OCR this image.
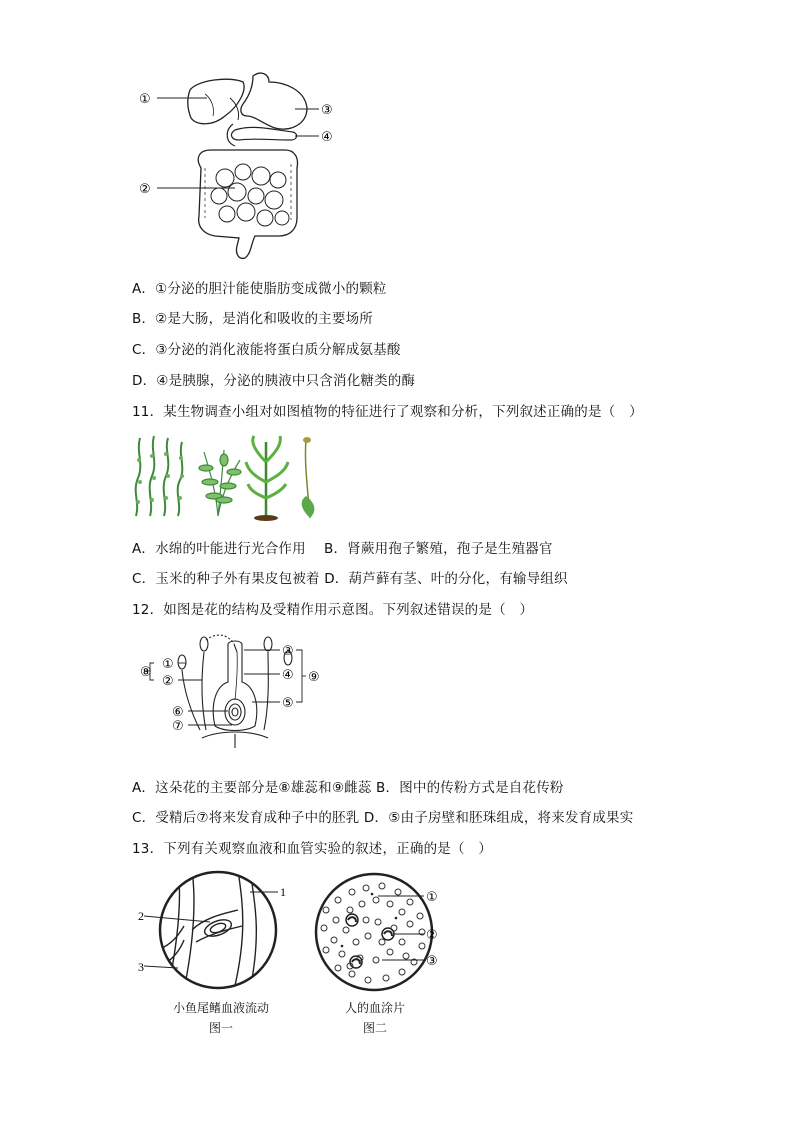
①
②
③
④
A．①分泌的胆汁能使脂肪变成微小的颗粒
B．②是大肠，是消化和吸收的主要场所
C．③分泌的消化液能将蛋白质分解成氨基酸
D．④是胰腺，分泌的胰液中只含消化糖类的酶
11．某生物调查小组对如图植物的特征进行了观察和分析，下列叙述正确的是（　）
A．水绵的叶能进行光合作用　 B．肾蕨用孢子繁殖，孢子是生殖器官
C．玉米的种子外有果皮包被着 D．葫芦藓有茎、叶的分化，有输导组织
12．如图是花的结构及受精作用示意图。下列叙述错误的是（　）
⑧
①
②
③
④
⑤
⑨
⑥
⑦
A．这朵花的主要部分是⑧雄蕊和⑨雌蕊 B．图中的传粉方式是自花传粉
C．受精后⑦将来发育成种子中的胚乳 D．⑤由子房壁和胚珠组成，将来发育成果实
13．下列有关观察血液和血管实验的叙述，正确的是（　）
1
2
3
小鱼尾鳍血液流动
图一
①
②
③
人的血涂片
图二
